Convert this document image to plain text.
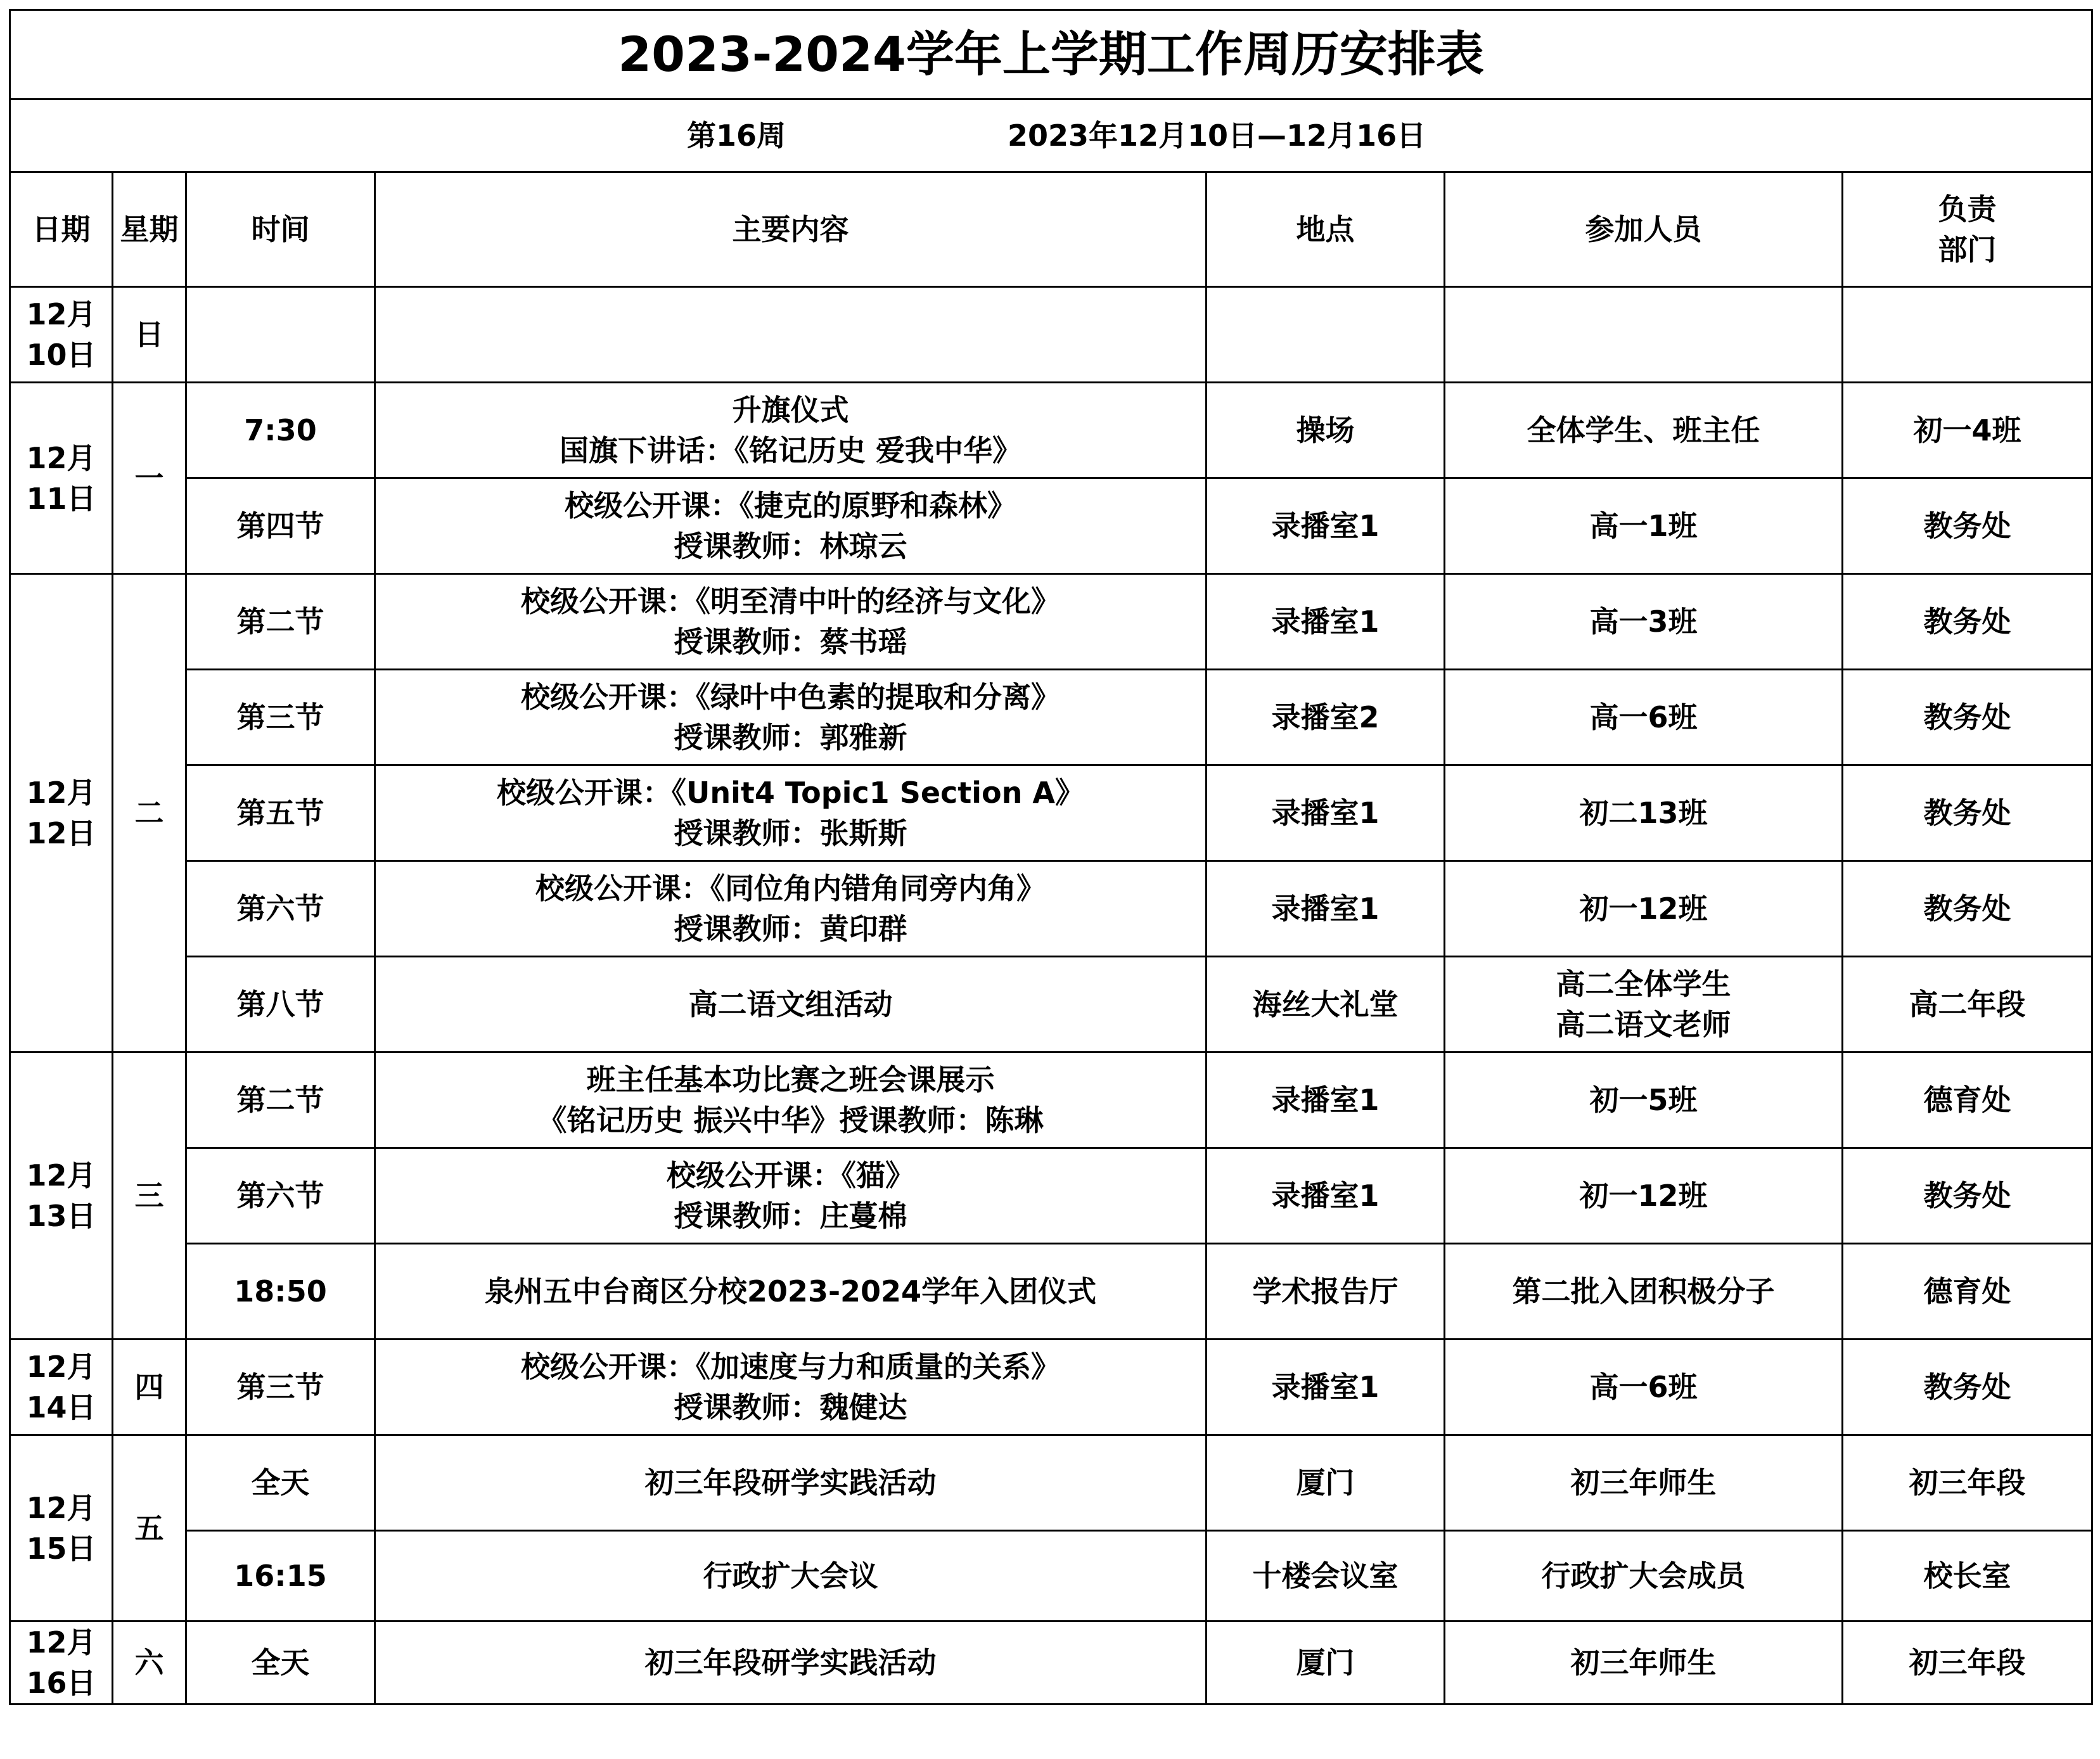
2023-2024学年上学期工作周历安排表						
第16周 2023年12月10日—12月16日						
日期	星期	时间	主要内容	地点	参加人员	负责
部门
12月
10日	日					
12月
11日	一	7:30	升旗仪式
国旗下讲话：《铭记历史 爱我中华》	操场	全体学生、班主任	初一4班
		第四节	校级公开课：《捷克的原野和森林》
授课教师：林琼云	录播室1	高一1班	教务处
12月
12日	二	第二节	校级公开课：《明至清中叶的经济与文化》
授课教师：蔡书瑶	录播室1	高一3班	教务处
		第三节	校级公开课：《绿叶中色素的提取和分离》
授课教师：郭雅新	录播室2	高一6班	教务处
		第五节	校级公开课：《Unit4 Topic1 Section A》
授课教师：张斯斯	录播室1	初二13班	教务处
		第六节	校级公开课：《同位角内错角同旁内角》
授课教师：黄印群	录播室1	初一12班	教务处
		第八节	高二语文组活动	海丝大礼堂	高二全体学生
高二语文老师	高二年段
12月
13日	三	第二节	班主任基本功比赛之班会课展示
《铭记历史 振兴中华》授课教师：陈琳	录播室1	初一5班	德育处
		第六节	校级公开课：《猫》
授课教师：庄蔓棉	录播室1	初一12班	教务处
		18:50	泉州五中台商区分校2023-2024学年入团仪式	学术报告厅	第二批入团积极分子	德育处
12月
14日	四	第三节	校级公开课：《加速度与力和质量的关系》
授课教师：魏健达	录播室1	高一6班	教务处
12月
15日	五	全天	初三年段研学实践活动	厦门	初三年师生	初三年段
		16:15	行政扩大会议	十楼会议室	行政扩大会成员	校长室
12月
16日	六	全天	初三年段研学实践活动	厦门	初三年师生	初三年段
